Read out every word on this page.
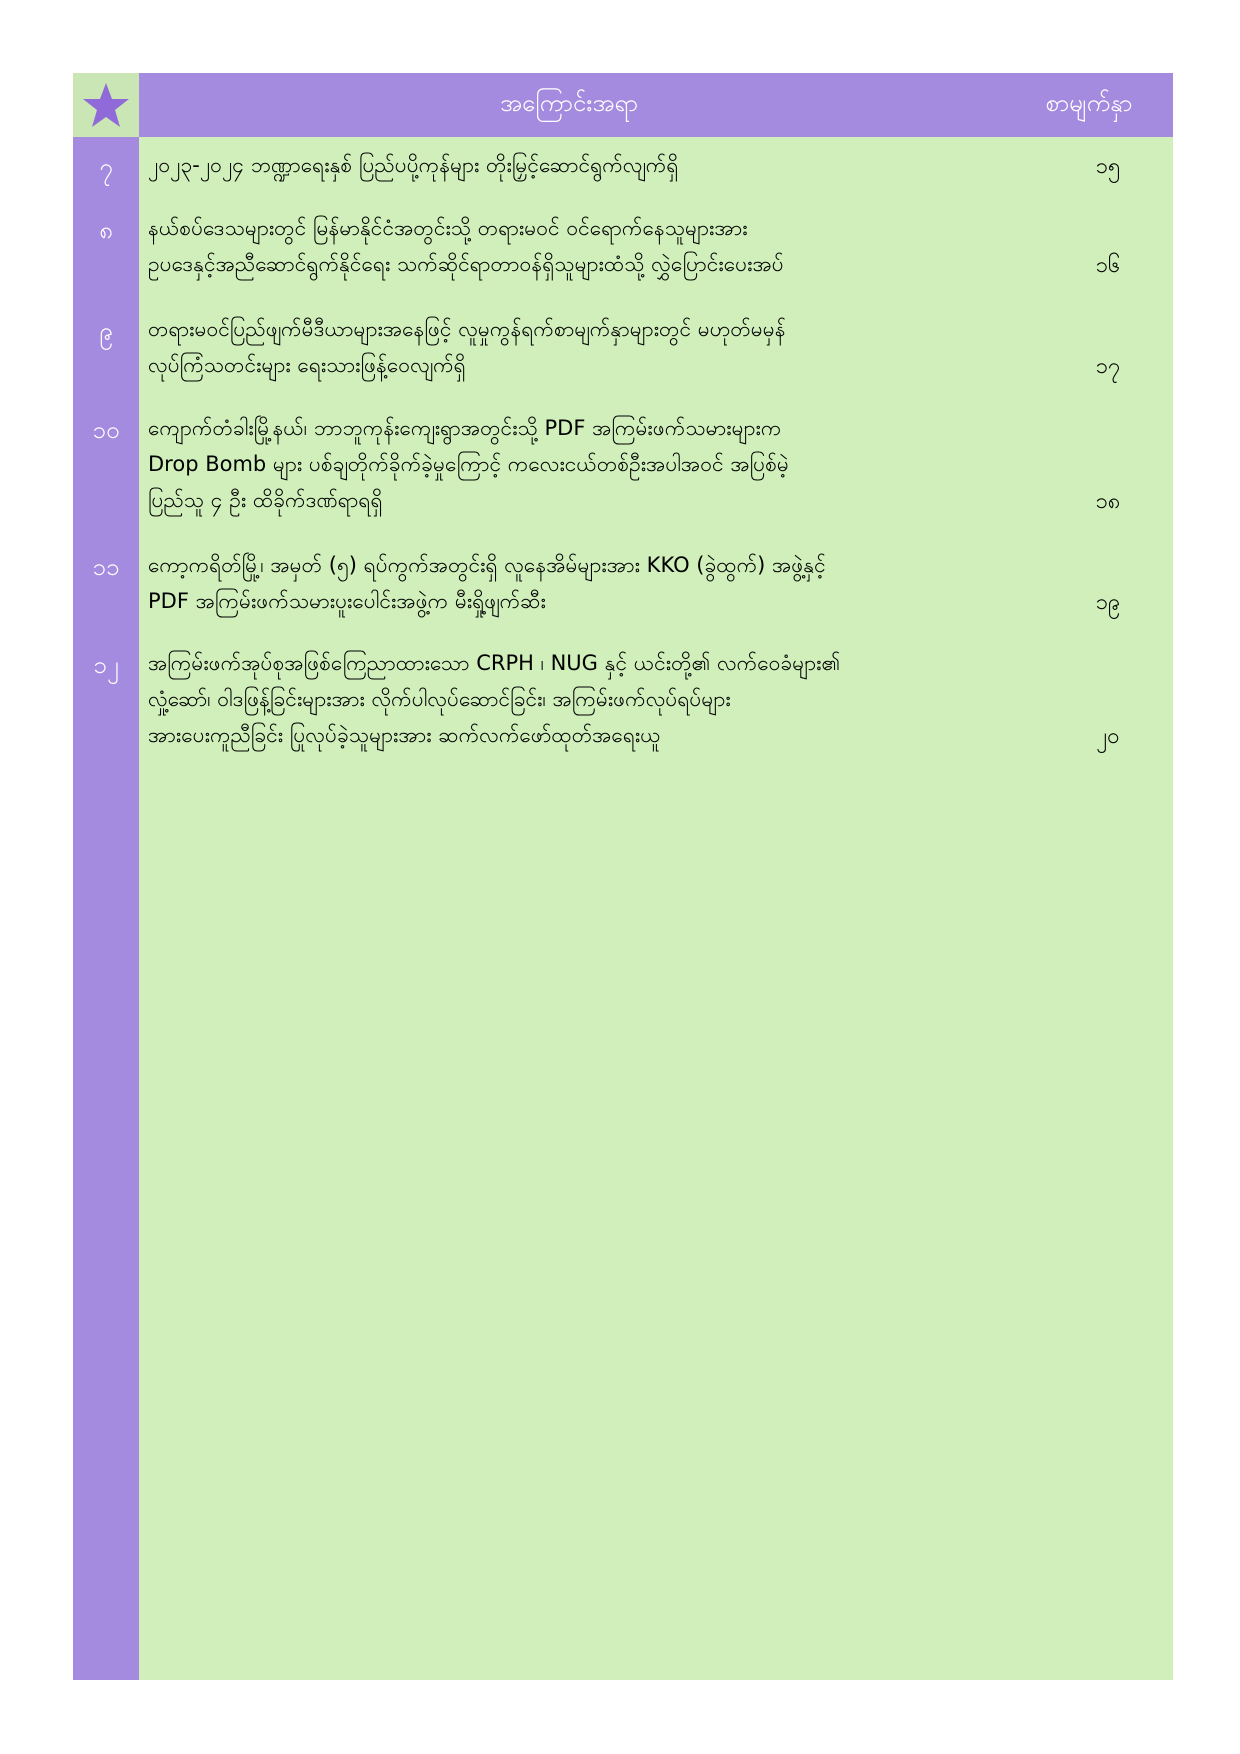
အကြောင်းအရာ	စာမျက်နှာ
၇	၂၀၂၃-၂၀၂၄ ဘဏ္ဍာရေးနှစ် ပြည်ပပို့ကုန်များ တိုးမြှင့်ဆောင်ရွက်လျက်ရှိ	၁၅
၈	နယ်စပ်ဒေသများတွင် မြန်မာနိုင်ငံအတွင်းသို့ တရားမဝင် ဝင်ရောက်နေသူများအား
ဥပဒေနှင့်အညီဆောင်ရွက်နိုင်ရေး သက်ဆိုင်ရာတာဝန်ရှိသူများထံသို့ လွှဲပြောင်းပေးအပ်	၁၆
၉	တရားမဝင်ပြည်ဖျက်မီဒီယာများအနေဖြင့် လူမှုကွန်ရက်စာမျက်နှာများတွင် မဟုတ်မမှန်
လုပ်ကြံသတင်းများ ရေးသားဖြန့်ဝေလျက်ရှိ	၁၇
၁၀	ကျောက်တံခါးမြို့နယ်၊ ဘာဘူကုန်းကျေးရွာအတွင်းသို့ PDF အကြမ်းဖက်သမားများက
Drop Bomb များ ပစ်ချတိုက်ခိုက်ခဲ့မှုကြောင့် ကလေးငယ်တစ်ဦးအပါအဝင် အပြစ်မဲ့
ပြည်သူ ၄ ဦး ထိခိုက်ဒဏ်ရာရရှိ	၁၈
၁၁	ကော့ကရိတ်မြို့၊ အမှတ် (၅) ရပ်ကွက်အတွင်းရှိ လူနေအိမ်များအား KKO (ခွဲထွက်) အဖွဲ့နှင့်
PDF အကြမ်းဖက်သမားပူးပေါင်းအဖွဲ့က မီးရှို့ဖျက်ဆီး	၁၉
၁၂	အကြမ်းဖက်အုပ်စုအဖြစ်ကြေညာထားသော CRPH ၊ NUG နှင့် ယင်းတို့၏ လက်ဝေခံများ၏
လှုံ့ဆော်၊ ဝါဒဖြန့်ခြင်းများအား လိုက်ပါလုပ်ဆောင်ခြင်း၊ အကြမ်းဖက်လုပ်ရပ်များ
အားပေးကူညီခြင်း ပြုလုပ်ခဲ့သူများအား ဆက်လက်ဖော်ထုတ်အရေးယူ	၂၀
